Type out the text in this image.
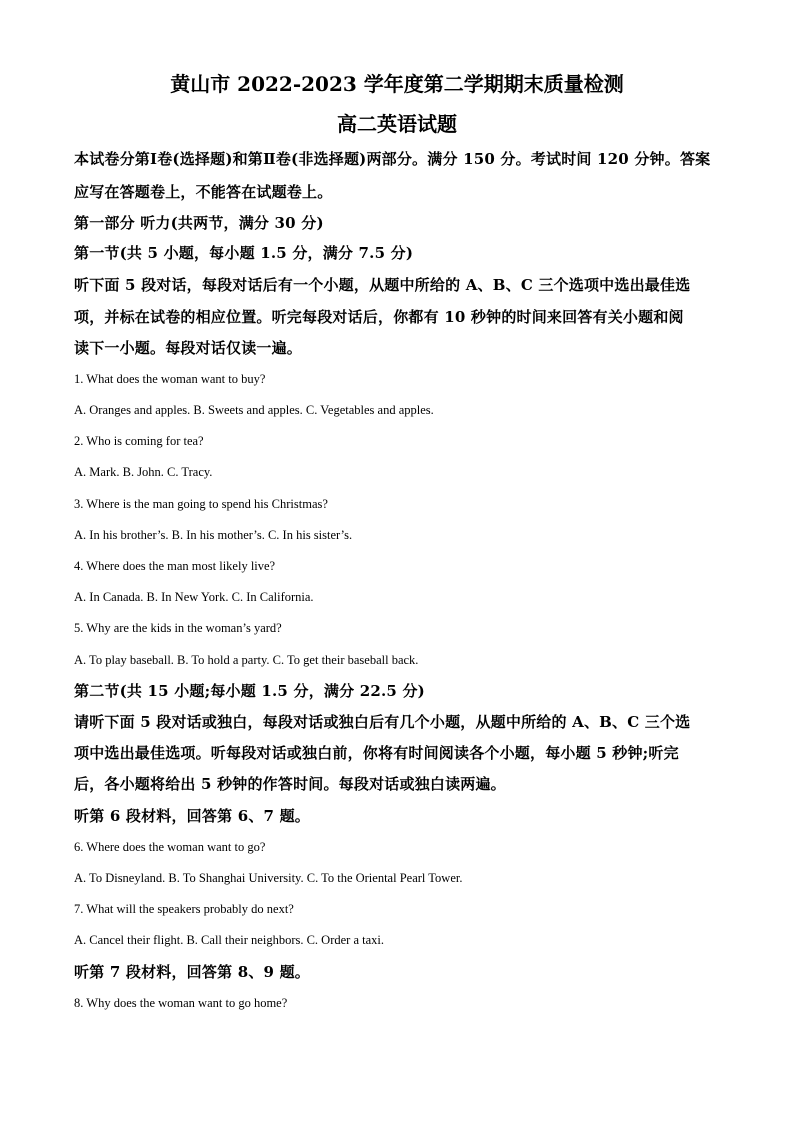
黄山市 2022-2023 学年度第二学期期末质量检测
高二英语试题
本试卷分第Ⅰ卷(选择题)和第Ⅱ卷(非选择题)两部分。满分 150 分。考试时间 120 分钟。答案
应写在答题卷上，不能答在试题卷上。
第一部分 听力(共两节，满分 30 分)
第一节(共 5 小题，每小题 1.5 分，满分 7.5 分)
听下面 5 段对话，每段对话后有一个小题，从题中所给的 A、B、C 三个选项中选出最佳选
项，并标在试卷的相应位置。听完每段对话后，你都有 10 秒钟的时间来回答有关小题和阅
读下一小题。每段对话仅读一遍。
1. What does the woman want to buy?
A. Oranges and apples. B. Sweets and apples. C. Vegetables and apples.
2. Who is coming for tea?
A. Mark. B. John. C. Tracy.
3. Where is the man going to spend his Christmas?
A. In his brother’s. B. In his mother’s. C. In his sister’s.
4. Where does the man most likely live?
A. In Canada. B. In New York. C. In California.
5. Why are the kids in the woman’s yard?
A. To play baseball. B. To hold a party. C. To get their baseball back.
第二节(共 15 小题;每小题 1.5 分，满分 22.5 分)
请听下面 5 段对话或独白，每段对话或独白后有几个小题，从题中所给的 A、B、C 三个选
项中选出最佳选项。听每段对话或独白前，你将有时间阅读各个小题，每小题 5 秒钟;听完
后，各小题将给出 5 秒钟的作答时间。每段对话或独白读两遍。
听第 6 段材料，回答第 6、7 题。
6. Where does the woman want to go?
A. To Disneyland. B. To Shanghai University. C. To the Oriental Pearl Tower.
7. What will the speakers probably do next?
A. Cancel their flight. B. Call their neighbors. C. Order a taxi.
听第 7 段材料，回答第 8、9 题。
8. Why does the woman want to go home?
